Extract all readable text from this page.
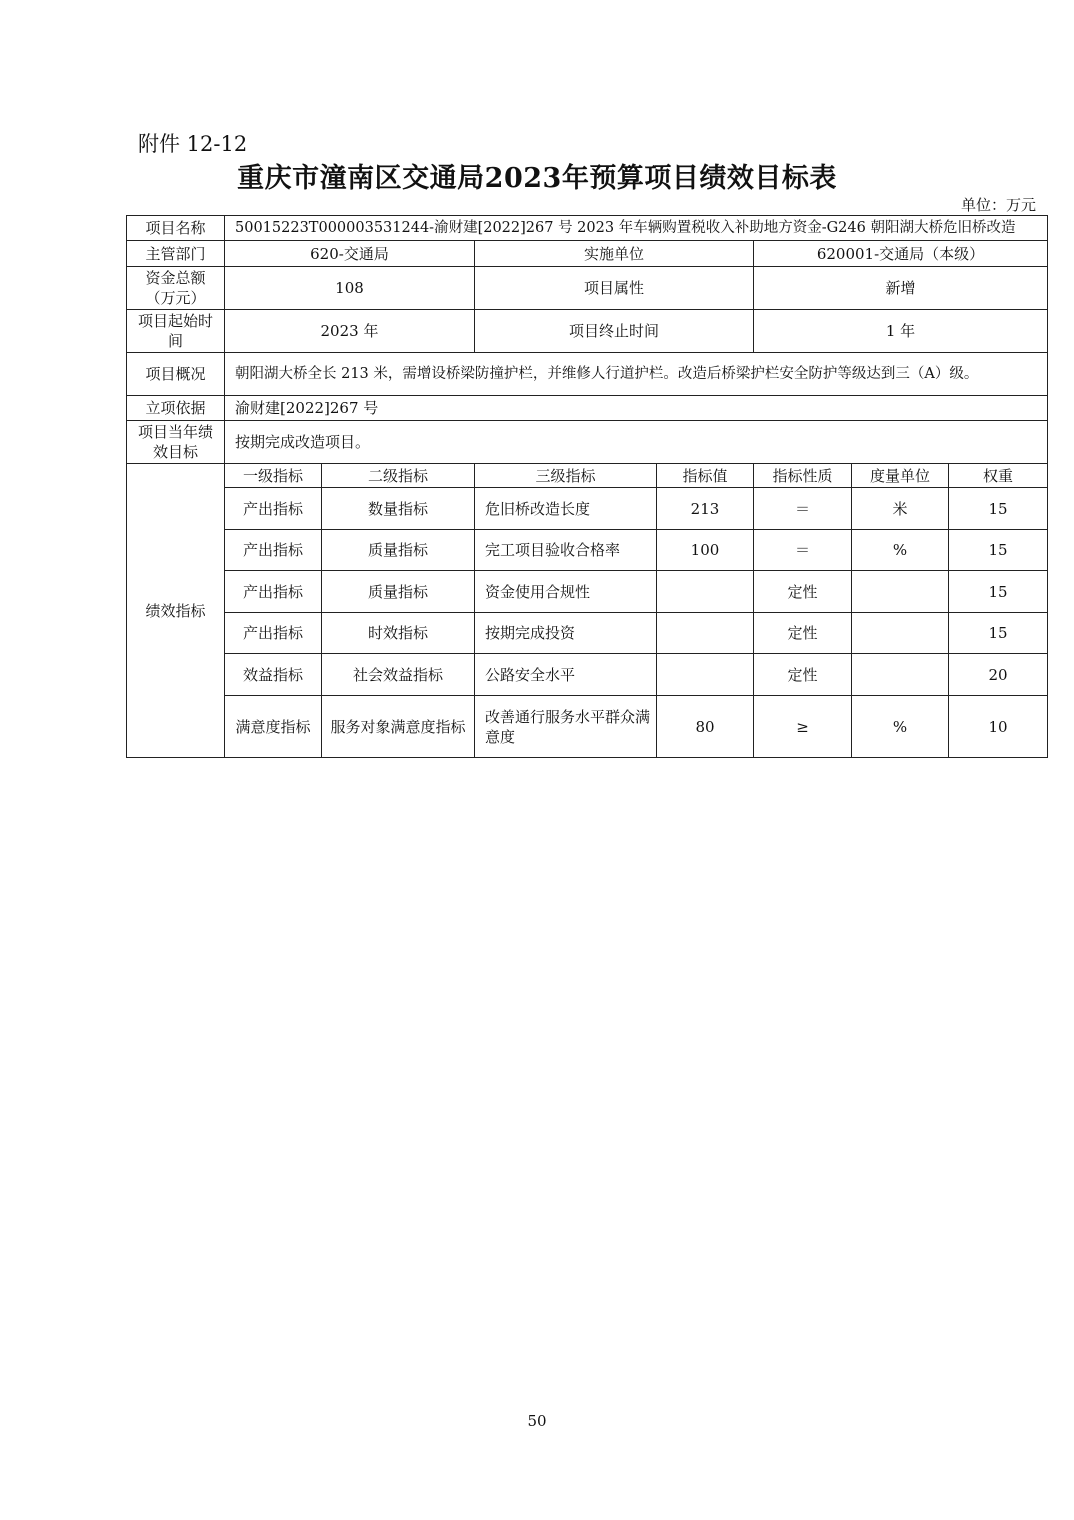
附件 12-12
重庆市潼南区交通局2023年预算项目绩效目标表
单位：万元
项目名称	50015223T000003531244-渝财建[2022]267 号 2023 年车辆购置税收入补助地方资金-G246 朝阳湖大桥危旧桥改造						
主管部门	620-交通局		实施单位		620001-交通局（本级）		
资金总额（万元）	108		项目属性		新增		
项目起始时间	2023 年		项目终止时间		1 年		
项目概况	朝阳湖大桥全长 213 米，需增设桥梁防撞护栏，并维修人行道护栏。改造后桥梁护栏安全防护等级达到三（A）级。						
立项依据	渝财建[2022]267 号						
项目当年绩效目标	按期完成改造项目。						
绩效指标	一级指标	二级指标	三级指标	指标值	指标性质	度量单位	权重
	产出指标	数量指标	危旧桥改造长度	213	＝	米	15
	产出指标	质量指标	完工项目验收合格率	100	＝	%	15
	产出指标	质量指标	资金使用合规性		定性		15
	产出指标	时效指标	按期完成投资		定性		15
	效益指标	社会效益指标	公路安全水平		定性		20
	满意度指标	服务对象满意度指标	改善通行服务水平群众满意度	80	≥	%	10
50
